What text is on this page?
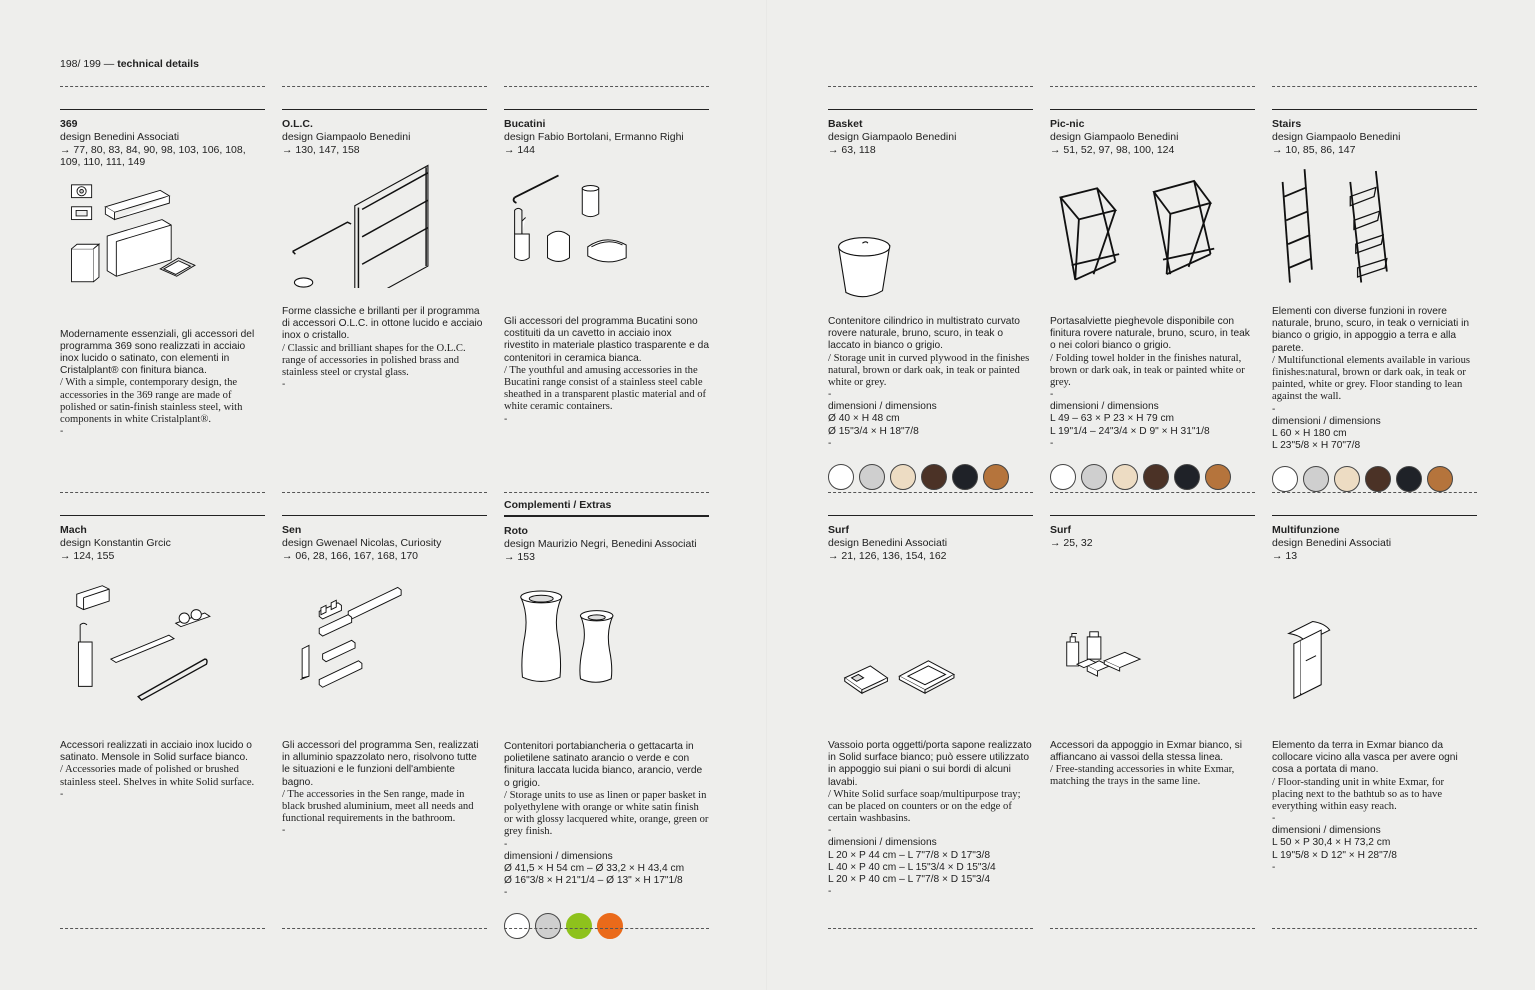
198/ 199 — technical details
369
design Benedini Associati
→ 77, 80, 83, 84, 90, 98, 103, 106, 108, 109, 110, 111, 149
Modernamente essenziali, gli accessori del programma 369 sono realizzati in acciaio inox lucido o satinato, con elementi in Cristalplant® con finitura bianca.
/ With a simple, contemporary design, the accessories in the 369 range are made of polished or satin-finish stainless steel, with components in white Cristalplant®.
-
O.L.C.
design Giampaolo Benedini
→ 130, 147, 158
Forme classiche e brillanti per il programma di accessori O.L.C. in ottone lucido e acciaio inox o cristallo.
/ Classic and brilliant shapes for the O.L.C. range of accessories in polished brass and stainless steel or crystal glass.
-
Bucatini
design Fabio Bortolani, Ermanno Righi
→ 144
Gli accessori del programma Bucatini sono costituiti da un cavetto in acciaio inox rivestito in materiale plastico trasparente e da contenitori in ceramica bianca.
/ The youthful and amusing accessories in the Bucatini range consist of a stainless steel cable sheathed in a transparent plastic material and of white ceramic containers.
-
Basket
design Giampaolo Benedini
→ 63, 118
Contenitore cilindrico in multistrato curvato rovere naturale, bruno, scuro, in teak o laccato in bianco o grigio.
/ Storage unit in curved plywood in the finishes natural, brown or dark oak, in teak or painted white or grey.
-
dimensioni / dimensions
Ø 40 × H 48 cm
Ø 15"3/4 × H 18"7/8
-
Pic-nic
design Giampaolo Benedini
→ 51, 52, 97, 98, 100, 124
Portasalviette pieghevole disponibile con finitura rovere naturale, bruno, scuro, in teak o nei colori bianco o grigio.
/ Folding towel holder in the finishes natural, brown or dark oak, in teak or painted white or grey.
-
dimensioni / dimensions
L 49 – 63 × P 23 × H 79 cm
L 19"1/4 – 24"3/4 × D 9" × H 31"1/8
-
Stairs
design Giampaolo Benedini
→ 10, 85, 86, 147
Elementi con diverse funzioni in rovere naturale, bruno, scuro, in teak o verniciati in bianco o grigio, in appoggio a terra e alla parete.
/ Multifunctional elements available in various finishes:natural, brown or dark oak, in teak or painted, white or grey. Floor standing to lean against the wall.
-
dimensioni / dimensions
L 60 × H 180 cm
L 23"5/8 × H 70"7/8
Mach
design Konstantin Grcic
→ 124, 155
Accessori realizzati in acciaio inox lucido o satinato. Mensole in Solid surface bianco.
/ Accessories made of polished or brushed stainless steel. Shelves in white Solid surface.
-
Sen
design Gwenael Nicolas, Curiosity
→ 06, 28, 166, 167, 168, 170
Gli accessori del programma Sen, realizzati in alluminio spazzolato nero, risolvono tutte le situazioni e le funzioni dell'ambiente bagno.
/ The accessories in the Sen range, made in black brushed aluminium, meet all needs and functional requirements in the bathroom.
-
Complementi / Extras
Roto
design Maurizio Negri, Benedini Associati
→ 153
Contenitori portabiancheria o gettacarta in polietilene satinato arancio o verde e con finitura laccata lucida bianco, arancio, verde o grigio.
/ Storage units to use as linen or paper basket in polyethylene with orange or white satin finish or with glossy lacquered white, orange, green or grey finish.
-
dimensioni / dimensions
Ø 41,5 × H 54 cm – Ø 33,2 × H 43,4 cm
Ø 16"3/8 × H 21"1/4 – Ø 13" × H 17"1/8
-
Surf
design Benedini Associati
→ 21, 126, 136, 154, 162
Vassoio porta oggetti/porta sapone realizzato in Solid surface bianco; può essere utilizzato in appoggio sui piani o sui bordi di alcuni lavabi.
/ White Solid surface soap/multipurpose tray; can be placed on counters or on the edge of certain washbasins.
-
dimensioni / dimensions
L 20 × P 44 cm – L 7"7/8 × D 17"3/8
L 40 × P 40 cm – L 15"3/4 × D 15"3/4
L 20 × P 40 cm – L 7"7/8 × D 15"3/4
-
Surf
→ 25, 32
Accessori da appoggio in Exmar bianco, si affiancano ai vassoi della stessa linea.
/ Free-standing accessories in white Exmar, matching the trays in the same line.
Multifunzione
design Benedini Associati
→ 13
Elemento da terra in Exmar bianco da collocare vicino alla vasca per avere ogni cosa a portata di mano.
/ Floor-standing unit in white Exmar, for placing next to the bathtub so as to have everything within easy reach.
-
dimensioni / dimensions
L 50 × P 30,4 × H 73,2 cm
L 19"5/8 × D 12" × H 28"7/8
-
